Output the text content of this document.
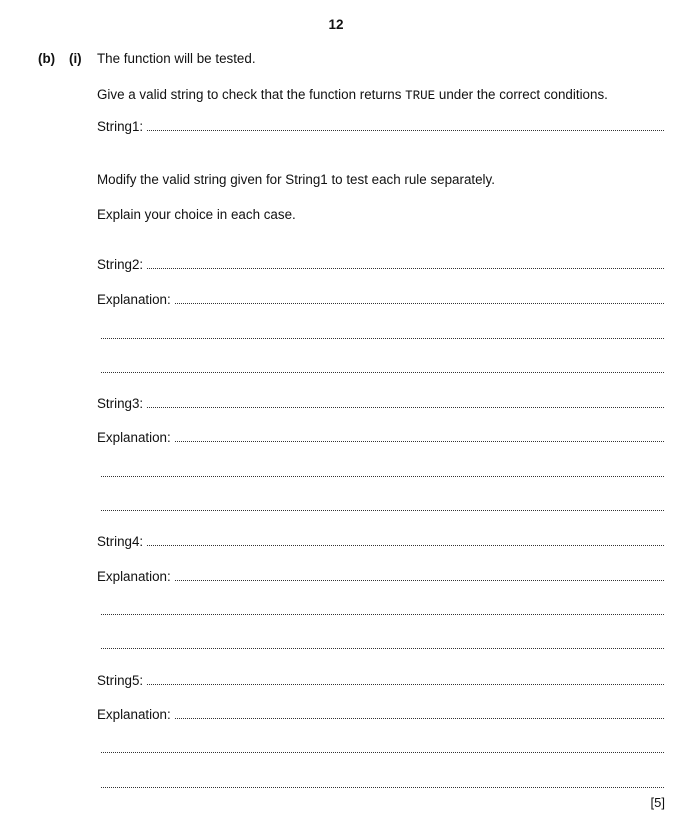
12
(b) (i) The function will be tested.
Give a valid string to check that the function returns TRUE under the correct conditions.
String1:
Modify the valid string given for String1 to test each rule separately.
Explain your choice in each case.
String2:
Explanation:
String3:
Explanation:
String4:
Explanation:
String5:
Explanation:
[5]
